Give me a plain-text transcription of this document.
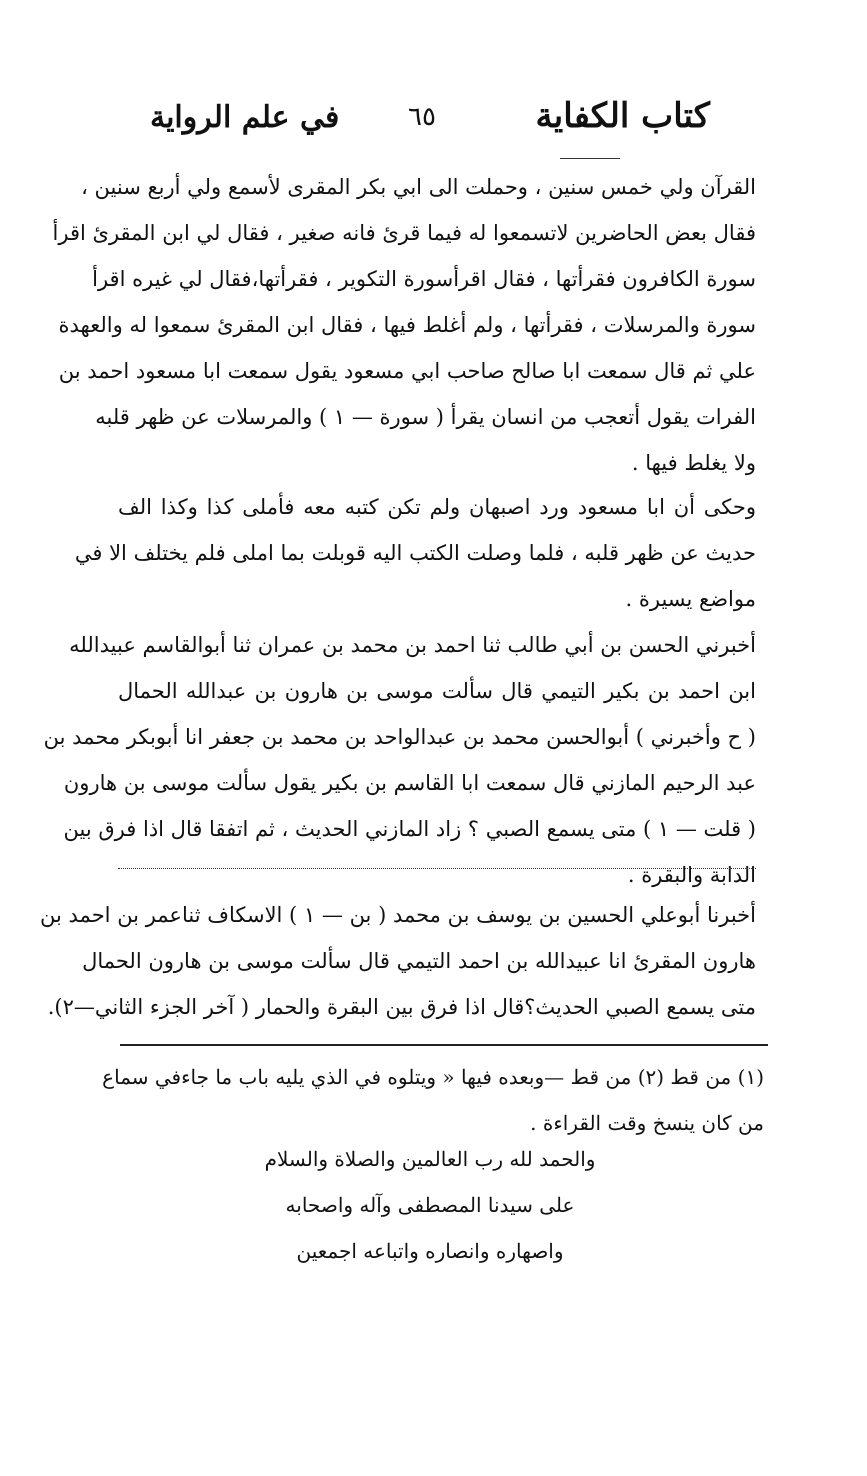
كتاب الكفاية
٦٥
في علم الرواية
القرآن ولي خمس سنين ، وحملت الى ابي بكر المقرى لأسمع ولي أربع سنين ،
فقال بعض الحاضرين لاتسمعوا له فيما قرئ فانه صغير ، فقال لي ابن المقرئ اقرأ
سورة الكافرون فقرأتها ، فقال اقرأسورة التكوير ، فقرأتها،فقال لي غيره اقرأ
سورة والمرسلات ، فقرأتها ، ولم أغلط فيها ، فقال ابن المقرئ سمعوا له والعهدة
علي ثم قال سمعت ابا صالح صاحب ابي مسعود يقول سمعت ابا مسعود احمد بن
الفرات يقول أتعجب من انسان يقرأ ( سورة — ١ ) والمرسلات عن ظهر قلبه
ولا يغلط فيها .
وحكى أن ابا مسعود ورد اصبهان ولم تكن كتبه معه فأملى كذا وكذا الف
حديث عن ظهر قلبه ، فلما وصلت الكتب اليه قوبلت بما املى فلم يختلف الا في
مواضع يسيرة .
أخبرني الحسن بن أبي طالب ثنا احمد بن محمد بن عمران ثنا أبوالقاسم عبيدالله
ابن احمد بن بكير التيمي قال سألت موسى بن هارون بن عبدالله الحمال
( ح وأخبرني ) أبوالحسن محمد بن عبدالواحد بن محمد بن جعفر انا أبوبكر محمد بن
عبد الرحيم المازني قال سمعت ابا القاسم بن بكير يقول سألت موسى بن هارون
( قلت — ١ ) متى يسمع الصبي ؟ زاد المازني الحديث ، ثم اتفقا قال اذا فرق بين
الدابة والبقرة .
أخبرنا أبوعلي الحسين بن يوسف بن محمد ( بن — ١ ) الاسكاف ثناعمر بن احمد بن
هارون المقرئ انا عبيدالله بن احمد التيمي قال سألت موسى بن هارون الحمال
متى يسمع الصبي الحديث؟قال اذا فرق بين البقرة والحمار ( آخر الجزء الثاني—٢).
(١) من قط (٢) من قط —وبعده فيها « ويتلوه في الذي يليه باب ما جاءفي سماع
من كان ينسخ وقت القراءة .
والحمد لله رب العالمين والصلاة والسلام
على سيدنا المصطفى وآله واصحابه
واصهاره وانصاره واتباعه اجمعين
